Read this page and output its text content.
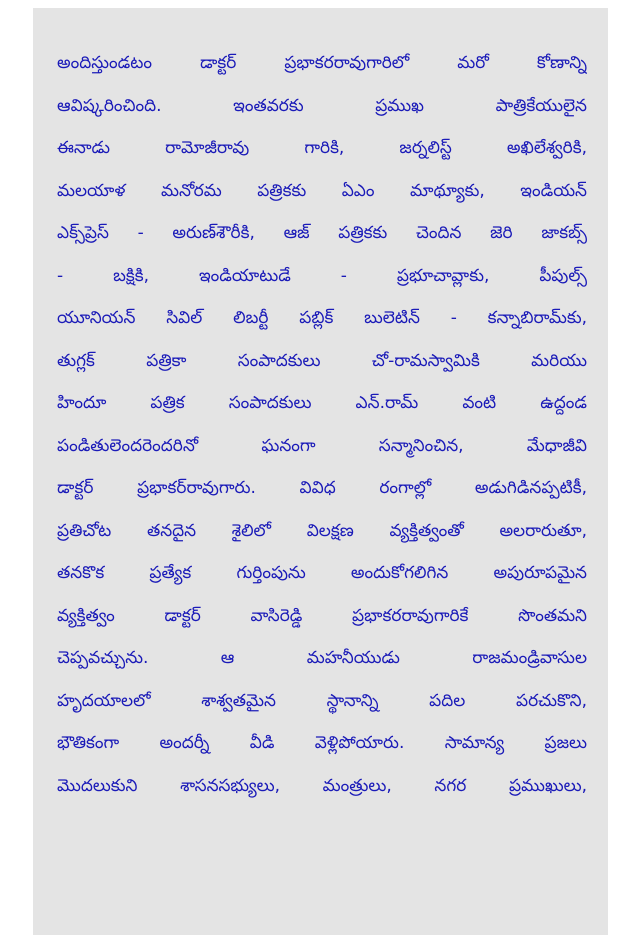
అందిస్తుండటం డాక్టర్ ప్రభాకరరావుగారిలో మరో కోణాన్ని
ఆవిష్కరించింది. ఇంతవరకు ప్రముఖ పాత్రికేయులైన
ఈనాడు రామోజీరావు గారికి, జర్నలిస్ట్ అఖిలేశ్వరికి,
మలయాళ మనోరమ పత్రికకు ఏఎం మాథ్యూకు, ఇండియన్
ఎక్స్‌ప్రెస్ - అరుణ్‌శౌరీకి, ఆజ్ పత్రికకు చెందిన జెరి జాకబ్స్
- బక్షికి, ఇండియాటుడే - ప్రభూచావ్లాకు, పీపుల్స్
యూనియన్ సివిల్ లిబర్టీ పబ్లిక్ బులెటిన్ - కన్నాబిరామ్‌కు,
తుగ్లక్ పత్రికా సంపాదకులు చో-రామస్వామికి మరియు
హిందూ పత్రిక సంపాదకులు ఎన్.రామ్ వంటి ఉద్దండ
పండితులెందరెందరినో ఘనంగా సన్మానించిన, మేధాజీవి
డాక్టర్ ప్రభాకర్‌రావుగారు. వివిధ రంగాల్లో అడుగిడినప్పటికీ,
ప్రతిచోట తనదైన శైలిలో విలక్షణ వ్యక్తిత్వంతో అలరారుతూ,
తనకొక ప్రత్యేక గుర్తింపును అందుకోగలిగిన అపురూపమైన
వ్యక్తిత్వం డాక్టర్ వాసిరెడ్డి ప్రభాకరరావుగారికే సొంతమని
చెప్పవచ్చును. ఆ మహనీయుడు రాజమండ్రివాసుల
హృదయాలలో శాశ్వతమైన స్థానాన్ని పదిల పరచుకొని,
భౌతికంగా అందర్నీ వీడి వెళ్లిపోయారు. సామాన్య ప్రజలు
మొదలుకుని శాసనసభ్యులు, మంత్రులు, నగర ప్రముఖులు,
